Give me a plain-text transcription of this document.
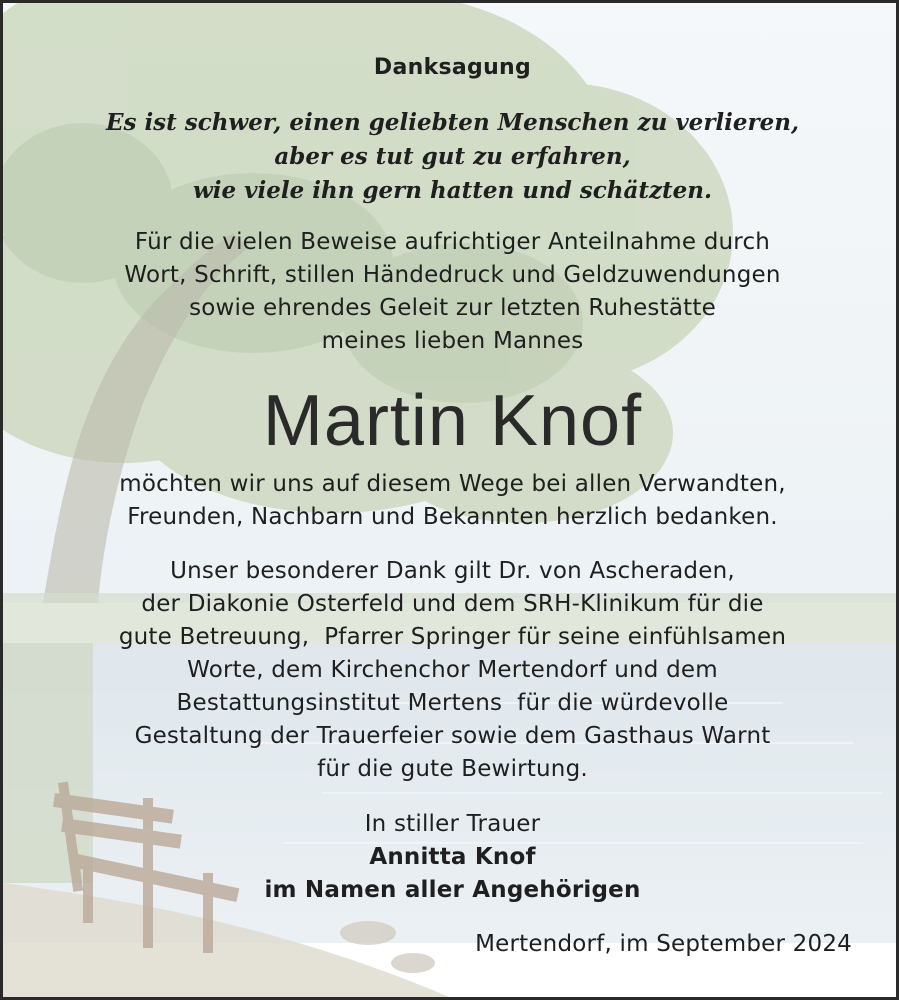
Danksagung
Es ist schwer, einen geliebten Menschen zu verlieren,
aber es tut gut zu erfahren,
wie viele ihn gern hatten und schätzten.
Für die vielen Beweise aufrichtiger Anteilnahme durch
Wort, Schrift, stillen Händedruck und Geldzuwendungen
sowie ehrendes Geleit zur letzten Ruhestätte
meines lieben Mannes
Martin Knof
möchten wir uns auf diesem Wege bei allen Verwandten,
Freunden, Nachbarn und Bekannten herzlich bedanken.
Unser besonderer Dank gilt Dr. von Ascheraden,
der Diakonie Osterfeld und dem SRH-Klinikum für die
gute Betreuung,  Pfarrer Springer für seine einfühlsamen
Worte, dem Kirchenchor Mertendorf und dem
Bestattungsinstitut Mertens  für die würdevolle
Gestaltung der Trauerfeier sowie dem Gasthaus Warnt
für die gute Bewirtung.
In stiller Trauer
Annitta Knof
im Namen aller Angehörigen
Mertendorf, im September 2024
